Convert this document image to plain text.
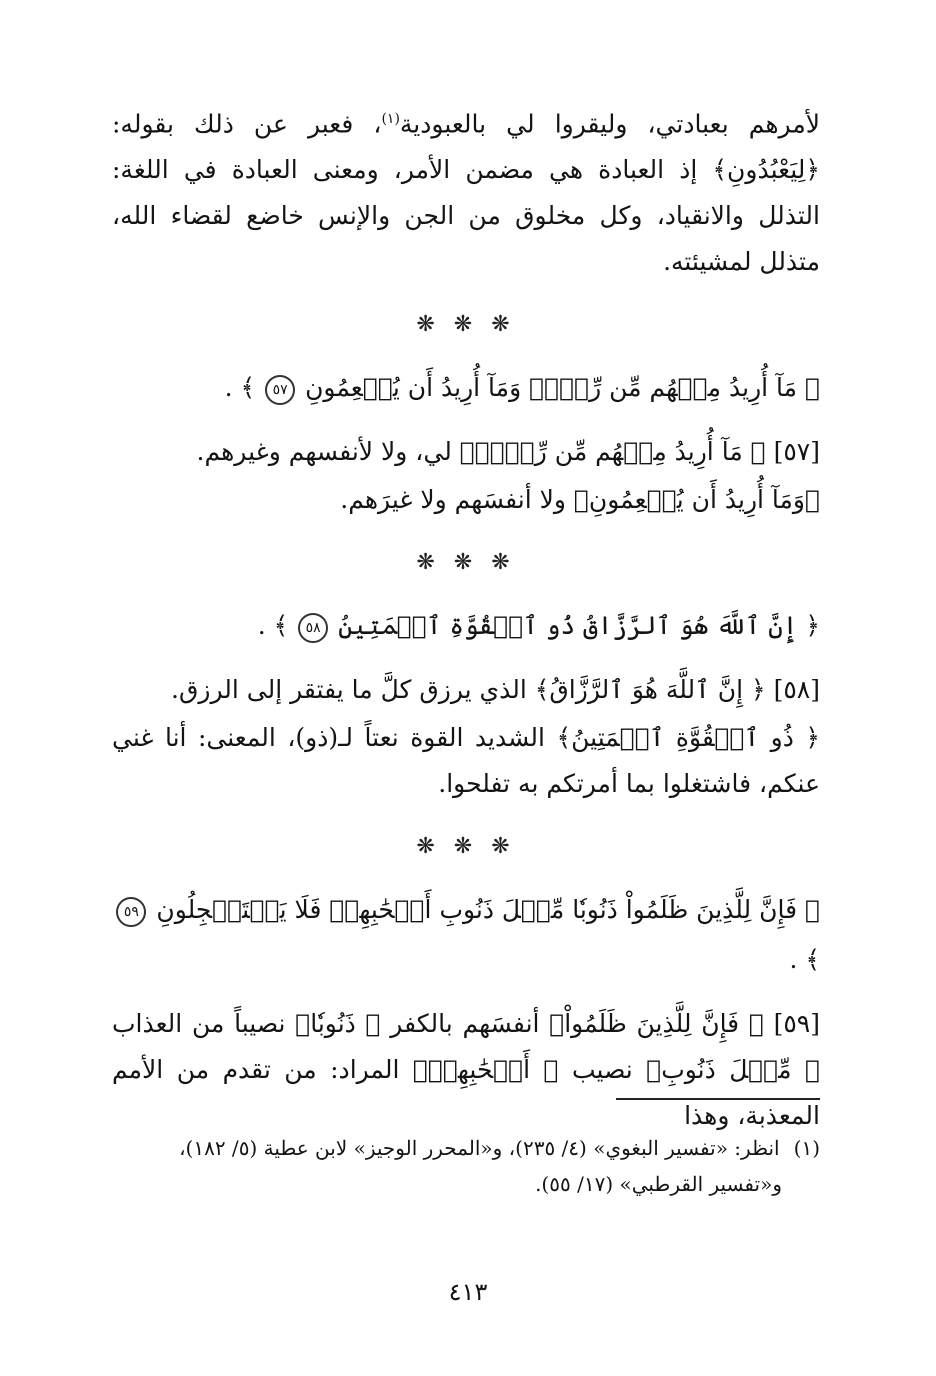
لأمرهم بعبادتي، وليقروا لي بالعبودية$^{(١)}$، فعبر عن ذلك بقوله: ﴿لِيَعْبُدُونِ﴾ إذ العبادة هي مضمن الأمر، ومعنى العبادة في اللغة: التذلل والانقياد، وكل مخلوق من الجن والإنس خاضع لقضاء الله، متذلل لمشيئته.

❋ ❋ ❋

﴿ مَآ أُرِيدُ مِنۡهُم مِّن رِّزۡقٖ وَمَآ أُرِيدُ أَن يُطۡعِمُونِ ٥٧ ﴾ .

[٥٧] ﴿ مَآ أُرِيدُ مِنۡهُم مِّن رِّزۡقٖ﴾ لي، ولا لأنفسهم وغيرهم.

﴿وَمَآ أُرِيدُ أَن يُطۡعِمُونِ﴾ ولا أنفسَهم ولا غيرَهم.

❋ ❋ ❋

﴿ إِنَّ ٱللَّهَ هُوَ ٱلرَّزَّاقُ ذُو ٱلۡقُوَّةِ ٱلۡمَتِينُ ٥٨ ﴾ .

[٥٨] ﴿ إِنَّ ٱللَّهَ هُوَ ٱلرَّزَّاقُ﴾ الذي يرزق كلَّ ما يفتقر إلى الرزق.

﴿ ذُو ٱلۡقُوَّةِ ٱلۡمَتِينُ﴾ الشديد القوة نعتاً لـ(ذو)، المعنى: أنا غني عنكم، فاشتغلوا بما أمرتكم به تفلحوا.

❋ ❋ ❋

﴿ فَإِنَّ لِلَّذِينَ ظَلَمُواْ ذَنُوبٗا مِّثۡلَ ذَنُوبِ أَصۡحَٰبِهِمۡ فَلَا يَسۡتَعۡجِلُونِ ٥٩ ﴾ .

[٥٩] ﴿ فَإِنَّ لِلَّذِينَ ظَلَمُواْ﴾ أنفسَهم بالكفر ﴿ ذَنُوبٗا﴾ نصيباً من العذاب ﴿ مِّثۡلَ ذَنُوبِ﴾ نصيب ﴿ أَصۡحَٰبِهِمۡ﴾ المراد: من تقدم من الأمم المعذبة، وهذا

(١)انظر: «تفسير البغوي» (٤/ ٢٣٥)، و«المحرر الوجيز» لابن عطية (٥/ ١٨٢)،
و«تفسير القرطبي» (١٧/ ٥٥).
٤١٣
